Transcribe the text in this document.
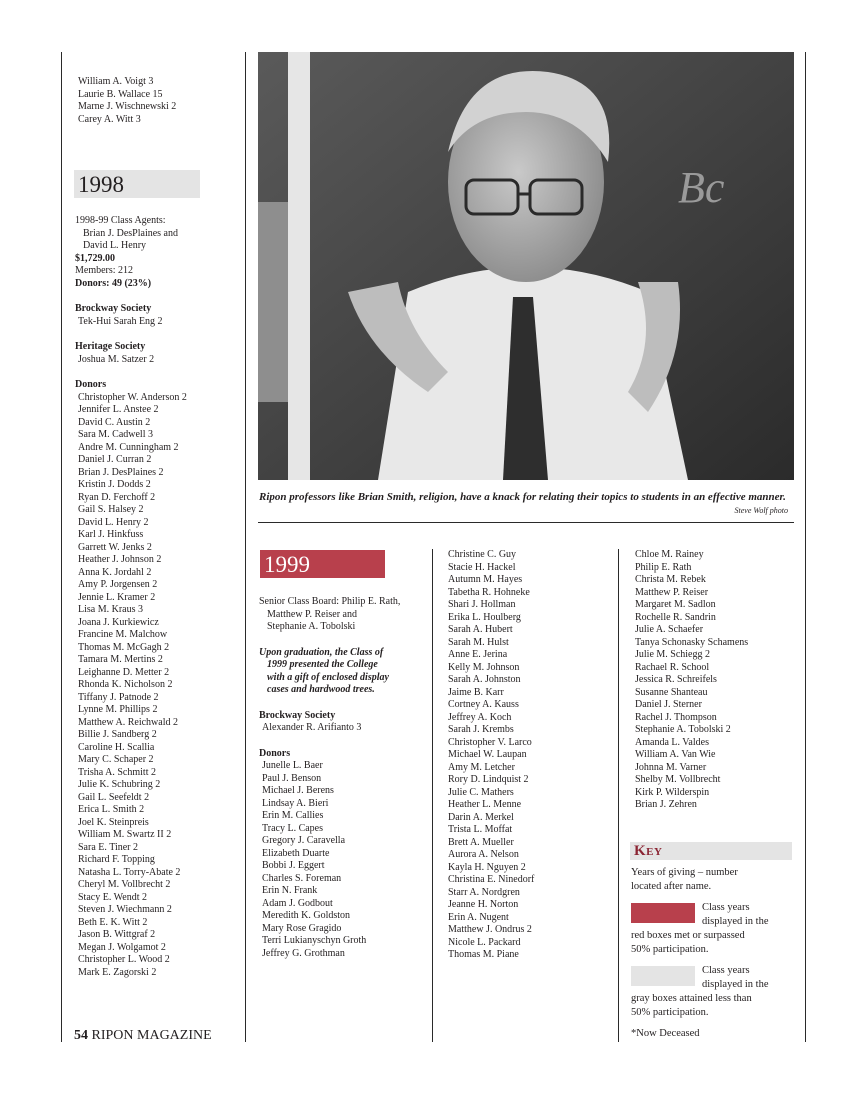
William A. Voigt 3
Laurie B. Wallace 15
Marne J. Wischnewski 2
Carey A. Witt 3
1998
1998-99 Class Agents:
Brian J. DesPlaines and
David L. Henry
$1,729.00
Members: 212
Donors: 49 (23%)
Brockway Society
Tek-Hui Sarah Eng 2
Heritage Society
Joshua M. Satzer 2
Donors
Christopher W. Anderson 2
Jennifer L. Anstee 2
David C. Austin 2
Sara M. Cadwell 3
Andre M. Cunningham 2
Daniel J. Curran 2
Brian J. DesPlaines 2
Kristin J. Dodds 2
Ryan D. Ferchoff 2
Gail S. Halsey 2
David L. Henry 2
Karl J. Hinkfuss
Garrett W. Jenks 2
Heather J. Johnson 2
Anna K. Jordahl 2
Amy P. Jorgensen 2
Jennie L. Kramer 2
Lisa M. Kraus 3
Joana J. Kurkiewicz
Francine M. Malchow
Thomas M. McGagh 2
Tamara M. Mertins 2
Leighanne D. Metter 2
Rhonda K. Nicholson 2
Tiffany J. Patnode 2
Lynne M. Phillips 2
Matthew A. Reichwald 2
Billie J. Sandberg 2
Caroline H. Scallia
Mary C. Schaper 2
Trisha A. Schmitt 2
Julie K. Schubring 2
Gail L. Seefeldt 2
Erica L. Smith 2
Joel K. Steinpreis
William M. Swartz II 2
Sara E. Tiner 2
Richard F. Topping
Natasha L. Torry-Abate 2
Cheryl M. Vollbrecht 2
Stacy E. Wendt 2
Steven J. Wiechmann 2
Beth E. K. Witt 2
Jason B. Wittgraf 2
Megan J. Wolgamot 2
Christopher L. Wood 2
Mark E. Zagorski 2
Bc
Ripon professors like Brian Smith, religion, have a knack for relating their topics to students in an effective manner.
Steve Wolf photo
1999
Senior Class Board: Philip E. Rath,
Matthew P. Reiser and
Stephanie A. Tobolski
Upon graduation, the Class of
1999 presented the College
with a gift of enclosed display
cases and hardwood trees.
Brockway Society
Alexander R. Arifianto 3
Donors
Junelle L. Baer
Paul J. Benson
Michael J. Berens
Lindsay A. Bieri
Erin M. Callies
Tracy L. Capes
Gregory J. Caravella
Elizabeth Duarte
Bobbi J. Eggert
Charles S. Foreman
Erin N. Frank
Adam J. Godbout
Meredith K. Goldston
Mary Rose Gragido
Terri Lukianyschyn Groth
Jeffrey G. Grothman
Christine C. Guy
Stacie H. Hackel
Autumn M. Hayes
Tabetha R. Hohneke
Shari J. Hollman
Erika L. Houlberg
Sarah A. Hubert
Sarah M. Hulst
Anne E. Jerina
Kelly M. Johnson
Sarah A. Johnston
Jaime B. Karr
Cortney A. Kauss
Jeffrey A. Koch
Sarah J. Krembs
Christopher V. Larco
Michael W. Laupan
Amy M. Letcher
Rory D. Lindquist 2
Julie C. Mathers
Heather L. Menne
Darin A. Merkel
Trista L. Moffat
Brett A. Mueller
Aurora A. Nelson
Kayla H. Nguyen 2
Christina E. Ninedorf
Starr A. Nordgren
Jeanne H. Norton
Erin A. Nugent
Matthew J. Ondrus 2
Nicole L. Packard
Thomas M. Piane
Chloe M. Rainey
Philip E. Rath
Christa M. Rebek
Matthew P. Reiser
Margaret M. Sadlon
Rochelle R. Sandrin
Julie A. Schaefer
Tanya Schonasky Schamens
Julie M. Schiegg 2
Rachael R. School
Jessica R. Schreifels
Susanne Shanteau
Daniel J. Sterner
Rachel J. Thompson
Stephanie A. Tobolski 2
Amanda L. Valdes
William A. Van Wie
Johnna M. Varner
Shelby M. Vollbrecht
Kirk P. Wilderspin
Brian J. Zehren
Key
Years of giving – number
located after name.
Class years
displayed in the
red boxes met or surpassed
50% participation.
Class years
displayed in the
gray boxes attained less than
50% participation.
*Now Deceased
54 RIPON MAGAZINE
